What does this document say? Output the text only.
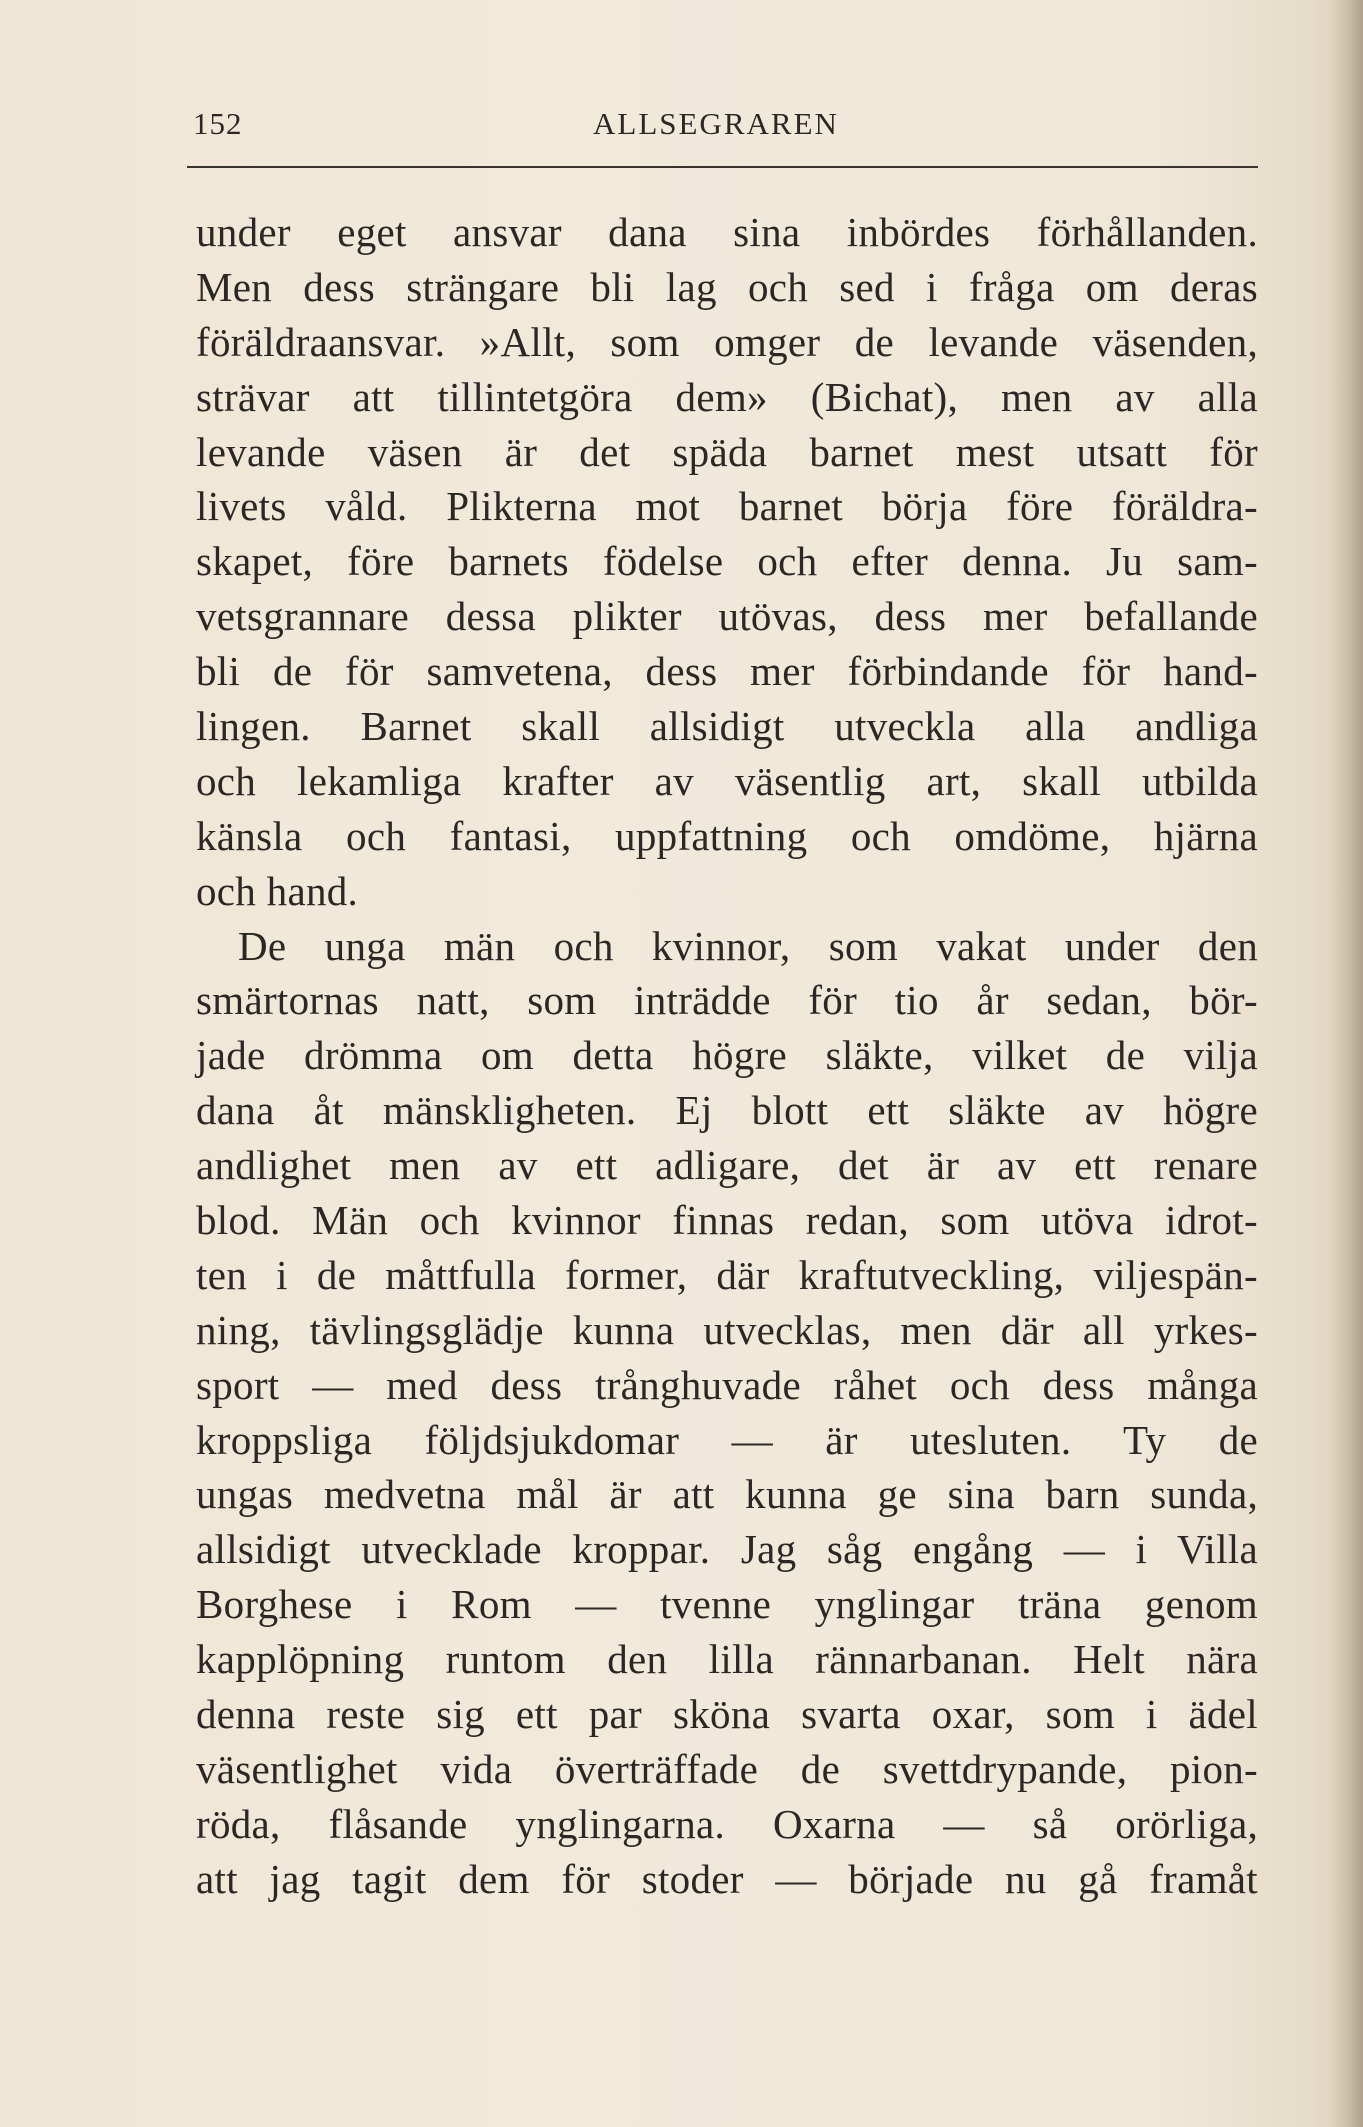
152	ALLSEGRAREN
under eget ansvar dana sina inbördes förhållanden.
Men dess strängare bli lag och sed i fråga om deras
föräldraansvar. »Allt, som omger de levande väsenden,
strävar att tillintetgöra dem» (Bichat), men av alla
levande väsen är det späda barnet mest utsatt för
livets våld. Plikterna mot barnet börja före föräldra-
skapet, före barnets födelse och efter denna. Ju sam-
vetsgrannare dessa plikter utövas, dess mer befallande
bli de för samvetena, dess mer förbindande för hand-
lingen. Barnet skall allsidigt utveckla alla andliga
och lekamliga krafter av väsentlig art, skall utbilda
känsla och fantasi, uppfattning och omdöme, hjärna
och hand.
De unga män och kvinnor, som vakat under den
smärtornas natt, som inträdde för tio år sedan, bör-
jade drömma om detta högre släkte, vilket de vilja
dana åt mänskligheten. Ej blott ett släkte av högre
andlighet men av ett adligare, det är av ett renare
blod. Män och kvinnor finnas redan, som utöva idrot-
ten i de måttfulla former, där kraftutveckling, viljespän-
ning, tävlingsglädje kunna utvecklas, men där all yrkes-
sport — med dess trånghuvade råhet och dess många
kroppsliga följdsjukdomar — är utesluten. Ty de
ungas medvetna mål är att kunna ge sina barn sunda,
allsidigt utvecklade kroppar. Jag såg engång — i Villa
Borghese i Rom — tvenne ynglingar träna genom
kapplöpning runtom den lilla rännarbanan. Helt nära
denna reste sig ett par sköna svarta oxar, som i ädel
väsentlighet vida överträffade de svettdrypande, pion-
röda, flåsande ynglingarna. Oxarna — så orörliga,
att jag tagit dem för stoder — började nu gå framåt
